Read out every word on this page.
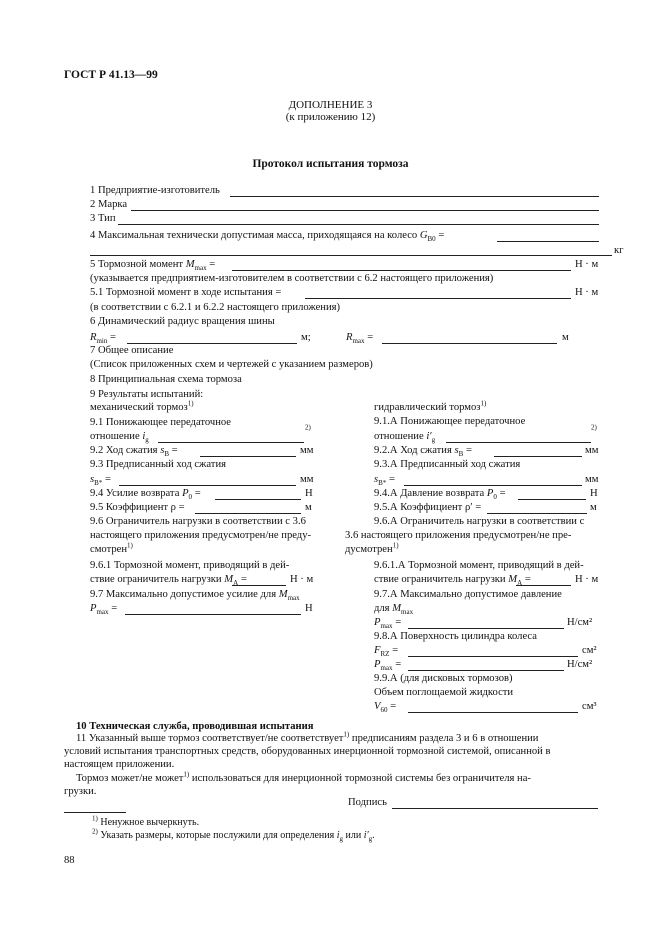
ГОСТ Р 41.13—99
ДОПОЛНЕНИЕ 3
(к приложению 12)
Протокол испытания тормоза
1 Предприятие-изготовитель
2 Марка
3 Тип
4 Максимальная технически допустимая масса, приходящаяся на колесо $G_{B0}$ =
кг
5 Тормозной момент $M_{max}$ =	Н · м
(указывается предприятием-изготовителем в соответствии с 6.2 настоящего приложения)
5.1 Тормозной момент в ходе испытания =	Н · м
(в соответствии с 6.2.1 и 6.2.2 настоящего приложения)
6 Динамический радиус вращения шины
$R_{min}$ =	м;	$R_{max}$ =	м
7 Общее описание
(Список приложенных схем и чертежей с указанием размеров)
8 Принципиальная схема тормоза
9 Результаты испытаний:
механический тормоз$^{1)}$
9.1 Понижающее передаточное
отношение $i_g$
$^{2)}$
9.2 Ход сжатия $s_B$ =	мм
9.3 Предписанный ход сжатия
$s_{B*}$ =	мм
9.4 Усилие возврата $P_0$ =	Н
9.5 Коэффициент ρ =	м
9.6 Ограничитель нагрузки в соответствии с 3.6
настоящего приложения предусмотрен/не преду-
смотрен$^{1)}$
9.6.1 Тормозной момент, приводящий в дей-
ствие ограничитель нагрузки $M_A$ =	Н · м
9.7 Максимально допустимое усилие для $M_{max}$
$P_{max}$ =	Н
гидравлический тормоз$^{1)}$
9.1.А Понижающее передаточное
отношение $i'_g$
$^{2)}$
9.2.А Ход сжатия $s_B$ =	мм
9.3.А Предписанный ход сжатия
$s_{B*}$ =	мм
9.4.А Давление возврата $P_0$ =	Н
9.5.А Коэффициент ρ′ =	м
9.6.А Ограничитель нагрузки в соответствии с
3.6 настоящего приложения предусмотрен/не пре-
дусмотрен$^{1)}$
9.6.1.А Тормозной момент, приводящий в дей-
ствие ограничитель нагрузки $M_A$ =	Н · м
9.7.А Максимально допустимое давление
для $M_{max}$
$P_{max}$ =	Н/см²
9.8.А Поверхность цилиндра колеса
$F_{RZ}$ =	см²
$P_{max}$ =	Н/см²
9.9.А (для дисковых тормозов)
Объем поглощаемой жидкости
$V_{60}$ =	см³
10 Техническая служба, проводившая испытания
11 Указанный выше тормоз соответствует/не соответствует$^{1)}$ предписаниям раздела 3 и 6 в отношении
условий испытания транспортных средств, оборудованных инерционной тормозной системой, описанной в
настоящем приложении.
Тормоз может/не может$^{1)}$ использоваться для инерционной тормозной системы без ограничителя на-
грузки.
Подпись
$^{1)}$ Ненужное вычеркнуть.
$^{2)}$ Указать размеры, которые послужили для определения $i_g$ или $i'_g$.
88
